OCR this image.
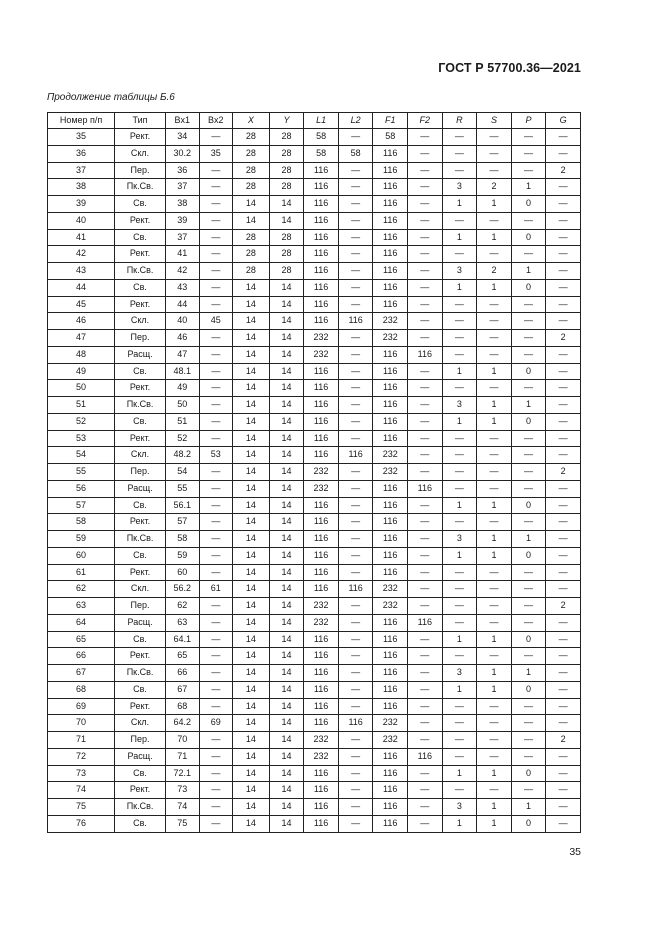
ГОСТ Р 57700.36—2021
Продолжение таблицы Б.6
Номер п/п	Тип	Bx1	Bx2	X	Y	L1	L2	F1	F2	R	S	P	G
35	Рект.	34	—	28	28	58	—	58	—	—	—	—	—
36	Скл.	30.2	35	28	28	58	58	116	—	—	—	—	—
37	Пер.	36	—	28	28	116	—	116	—	—	—	—	2
38	Пк.Св.	37	—	28	28	116	—	116	—	3	2	1	—
39	Св.	38	—	14	14	116	—	116	—	1	1	0	—
40	Рект.	39	—	14	14	116	—	116	—	—	—	—	—
41	Св.	37	—	28	28	116	—	116	—	1	1	0	—
42	Рект.	41	—	28	28	116	—	116	—	—	—	—	—
43	Пк.Св.	42	—	28	28	116	—	116	—	3	2	1	—
44	Св.	43	—	14	14	116	—	116	—	1	1	0	—
45	Рект.	44	—	14	14	116	—	116	—	—	—	—	—
46	Скл.	40	45	14	14	116	116	232	—	—	—	—	—
47	Пер.	46	—	14	14	232	—	232	—	—	—	—	2
48	Расщ.	47	—	14	14	232	—	116	116	—	—	—	—
49	Св.	48.1	—	14	14	116	—	116	—	1	1	0	—
50	Рект.	49	—	14	14	116	—	116	—	—	—	—	—
51	Пк.Св.	50	—	14	14	116	—	116	—	3	1	1	—
52	Св.	51	—	14	14	116	—	116	—	1	1	0	—
53	Рект.	52	—	14	14	116	—	116	—	—	—	—	—
54	Скл.	48.2	53	14	14	116	116	232	—	—	—	—	—
55	Пер.	54	—	14	14	232	—	232	—	—	—	—	2
56	Расщ.	55	—	14	14	232	—	116	116	—	—	—	—
57	Св.	56.1	—	14	14	116	—	116	—	1	1	0	—
58	Рект.	57	—	14	14	116	—	116	—	—	—	—	—
59	Пк.Св.	58	—	14	14	116	—	116	—	3	1	1	—
60	Св.	59	—	14	14	116	—	116	—	1	1	0	—
61	Рект.	60	—	14	14	116	—	116	—	—	—	—	—
62	Скл.	56.2	61	14	14	116	116	232	—	—	—	—	—
63	Пер.	62	—	14	14	232	—	232	—	—	—	—	2
64	Расщ.	63	—	14	14	232	—	116	116	—	—	—	—
65	Св.	64.1	—	14	14	116	—	116	—	1	1	0	—
66	Рект.	65	—	14	14	116	—	116	—	—	—	—	—
67	Пк.Св.	66	—	14	14	116	—	116	—	3	1	1	—
68	Св.	67	—	14	14	116	—	116	—	1	1	0	—
69	Рект.	68	—	14	14	116	—	116	—	—	—	—	—
70	Скл.	64.2	69	14	14	116	116	232	—	—	—	—	—
71	Пер.	70	—	14	14	232	—	232	—	—	—	—	2
72	Расщ.	71	—	14	14	232	—	116	116	—	—	—	—
73	Св.	72.1	—	14	14	116	—	116	—	1	1	0	—
74	Рект.	73	—	14	14	116	—	116	—	—	—	—	—
75	Пк.Св.	74	—	14	14	116	—	116	—	3	1	1	—
76	Св.	75	—	14	14	116	—	116	—	1	1	0	—
35
